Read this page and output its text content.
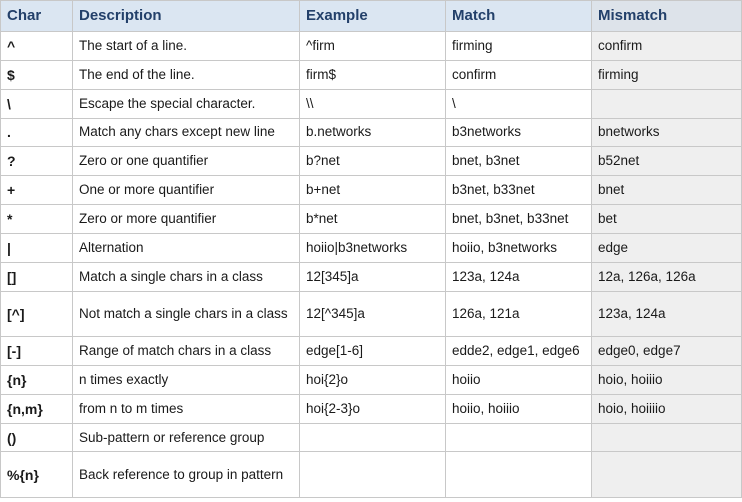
Char	Description	Example	Match	Mismatch
^	The start of a line.	^firm	firming	confirm
$	The end of the line.	firm$	confirm	firming
\	Escape the special character.	\\	\	
.	Match any chars except new line	b.networks	b3networks	bnetworks
?	Zero or one quantifier	b?net	bnet, b3net	b52net
+	One or more quantifier	b+net	b3net, b33net	bnet
*	Zero or more quantifier	b*net	bnet, b3net, b33net	bet
|	Alternation	hoiio|b3networks	hoiio, b3networks	edge
[]	Match a single chars in a class	12[345]a	123a, 124a	12a, 126a, 126a
[^]	Not match a single chars in a class	12[^345]a	126a, 121a	123a, 124a
[-]	Range of match chars in a class	edge[1-6]	edde2, edge1, edge6	edge0, edge7
{n}	n times exactly	hoi{2}o	hoiio	hoio, hoiiio
{n,m}	from n to m times	hoi{2-3}o	hoiio, hoiiio	hoio, hoiiiio
()	Sub-pattern or reference group			
%{n}	Back reference to group in pattern			
